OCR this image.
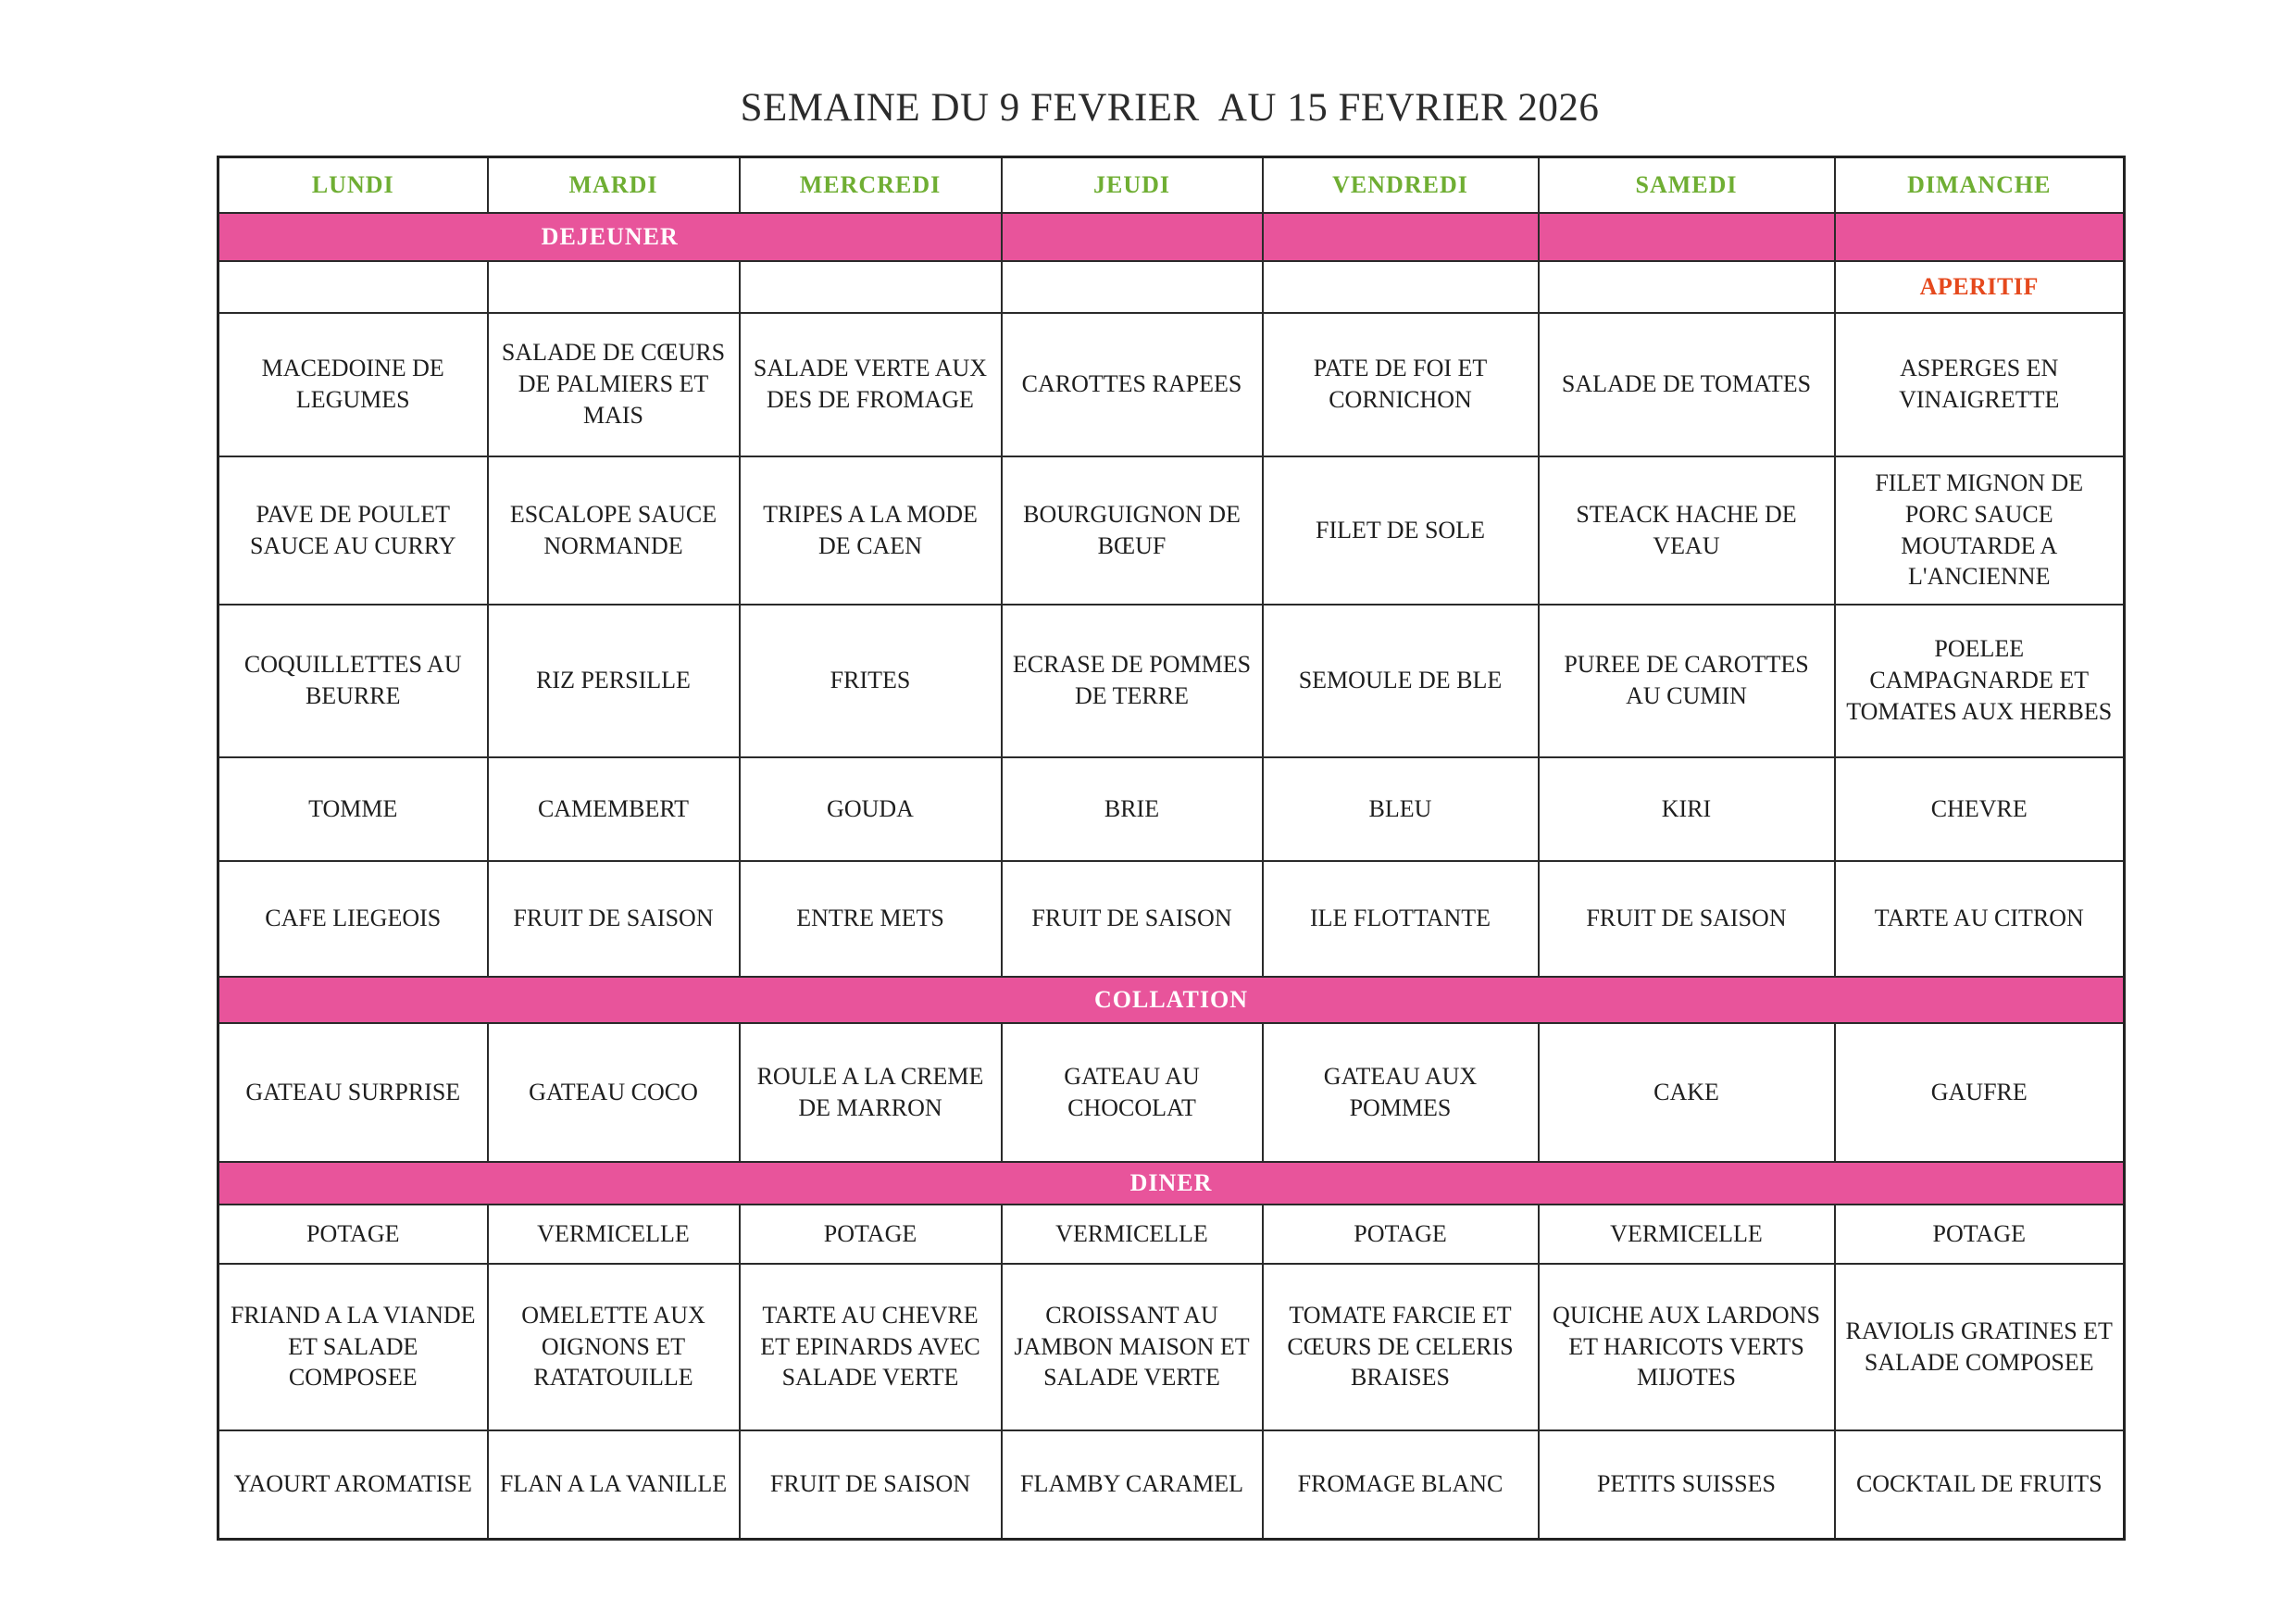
SEMAINE DU 9 FEVRIER  AU 15 FEVRIER 2026
LUNDI	MARDI	MERCREDI	JEUDI	VENDREDI	SAMEDI	DIMANCHE
DEJEUNER						
						APERITIF
MACEDOINE DE LEGUMES	SALADE DE CŒURS DE PALMIERS ET MAIS	SALADE VERTE AUX DES DE FROMAGE	CAROTTES RAPEES	PATE DE FOI ET CORNICHON	SALADE DE TOMATES	ASPERGES EN VINAIGRETTE
PAVE DE POULET SAUCE AU CURRY	ESCALOPE SAUCE NORMANDE	TRIPES A LA MODE DE CAEN	BOURGUIGNON DE BŒUF	FILET DE SOLE	STEACK HACHE DE VEAU	FILET MIGNON DE PORC SAUCE MOUTARDE A L'ANCIENNE
COQUILLETTES AU BEURRE	RIZ PERSILLE	FRITES	ECRASE DE POMMES DE TERRE	SEMOULE DE BLE	PUREE DE CAROTTES AU CUMIN	POELEE CAMPAGNARDE ET TOMATES AUX HERBES
TOMME	CAMEMBERT	GOUDA	BRIE	BLEU	KIRI	CHEVRE
CAFE LIEGEOIS	FRUIT DE SAISON	ENTRE METS	FRUIT DE SAISON	ILE FLOTTANTE	FRUIT DE SAISON	TARTE AU CITRON
COLLATION						
GATEAU SURPRISE	GATEAU COCO	ROULE A LA CREME DE MARRON	GATEAU AU CHOCOLAT	GATEAU AUX POMMES	CAKE	GAUFRE
DINER						
POTAGE	VERMICELLE	POTAGE	VERMICELLE	POTAGE	VERMICELLE	POTAGE
FRIAND A LA VIANDE ET SALADE COMPOSEE	OMELETTE AUX OIGNONS ET RATATOUILLE	TARTE AU CHEVRE ET EPINARDS AVEC SALADE VERTE	CROISSANT AU JAMBON MAISON ET SALADE VERTE	TOMATE FARCIE ET CŒURS DE CELERIS BRAISES	QUICHE AUX LARDONS ET HARICOTS VERTS MIJOTES	RAVIOLIS GRATINES ET SALADE COMPOSEE
YAOURT AROMATISE	FLAN A LA VANILLE	FRUIT DE SAISON	FLAMBY CARAMEL	FROMAGE BLANC	PETITS SUISSES	COCKTAIL DE FRUITS
